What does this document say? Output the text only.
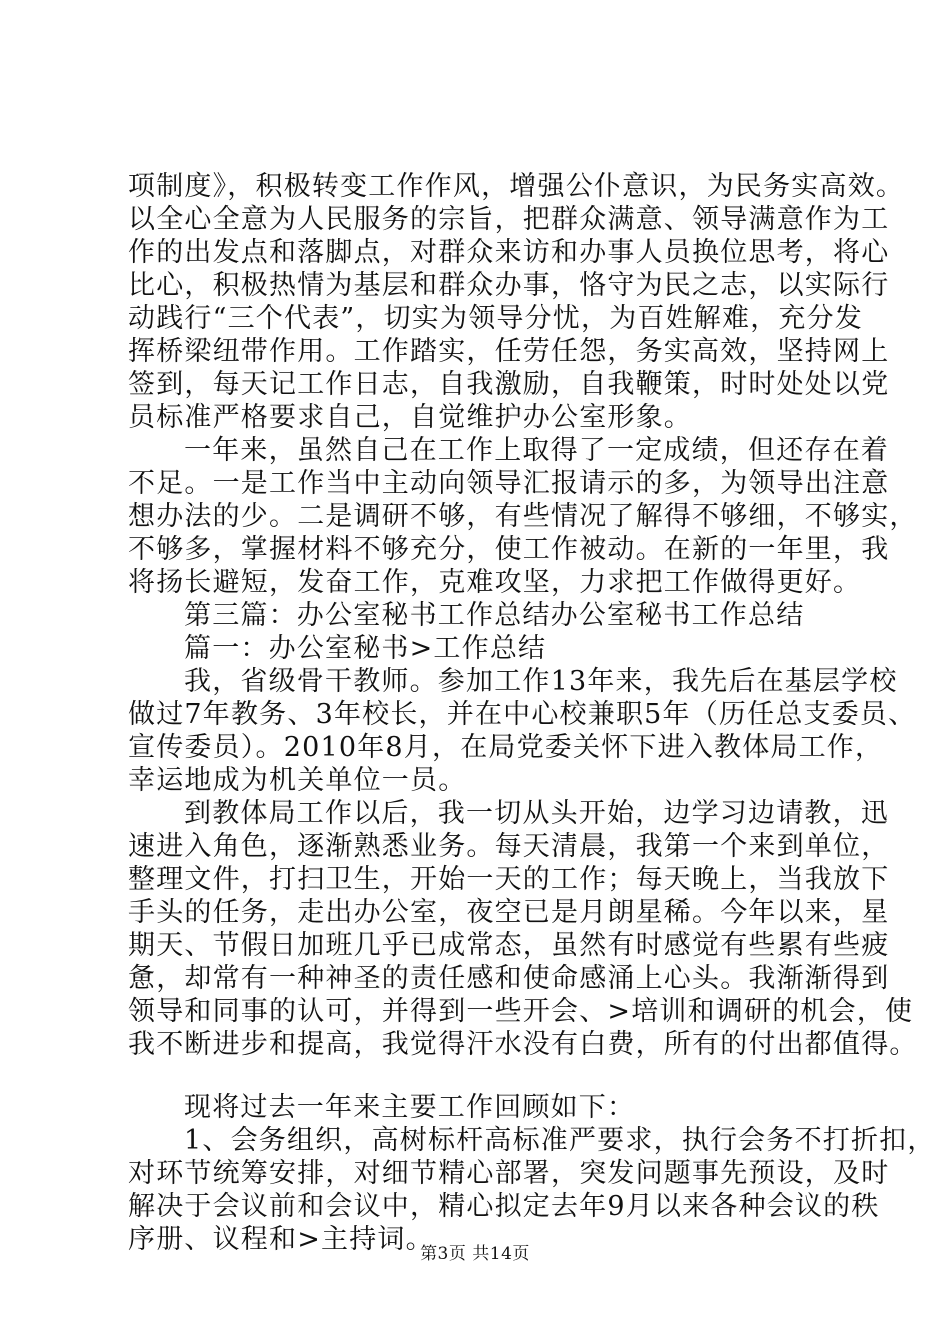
项制度》，积极转变工作作风，增强公仆意识，为民务实高效。
以全心全意为人民服务的宗旨，把群众满意、领导满意作为工
作的出发点和落脚点，对群众来访和办事人员换位思考，将心
比心，积极热情为基层和群众办事，恪守为民之志，以实际行
动践行“三个代表”，切实为领导分忧，为百姓解难，充分发
挥桥梁纽带作用。工作踏实，任劳任怨，务实高效，坚持网上
签到，每天记工作日志，自我激励，自我鞭策，时时处处以党
员标准严格要求自己，自觉维护办公室形象。
一年来，虽然自己在工作上取得了一定成绩，但还存在着
不足。一是工作当中主动向领导汇报请示的多，为领导出注意
想办法的少。二是调研不够，有些情况了解得不够细，不够实，
不够多，掌握材料不够充分，使工作被动。在新的一年里，我
将扬长避短，发奋工作，克难攻坚，力求把工作做得更好。
第三篇：办公室秘书工作总结办公室秘书工作总结
篇一：办公室秘书>工作总结
我，省级骨干教师。参加工作13年来，我先后在基层学校
做过7年教务、3年校长，并在中心校兼职5年（历任总支委员、
宣传委员）。2010年8月，在局党委关怀下进入教体局工作，
幸运地成为机关单位一员。
到教体局工作以后，我一切从头开始，边学习边请教，迅
速进入角色，逐渐熟悉业务。每天清晨，我第一个来到单位，
整理文件，打扫卫生，开始一天的工作；每天晚上，当我放下
手头的任务，走出办公室，夜空已是月朗星稀。今年以来，星
期天、节假日加班几乎已成常态，虽然有时感觉有些累有些疲
惫，却常有一种神圣的责任感和使命感涌上心头。我渐渐得到
领导和同事的认可，并得到一些开会、>培训和调研的机会，使
我不断进步和提高，我觉得汗水没有白费，所有的付出都值得。
现将过去一年来主要工作回顾如下：
1、会务组织，高树标杆高标准严要求，执行会务不打折扣，
对环节统筹安排，对细节精心部署，突发问题事先预设，及时
解决于会议前和会议中，精心拟定去年9月以来各种会议的秩
序册、议程和>主持词。
第3页 共14页
